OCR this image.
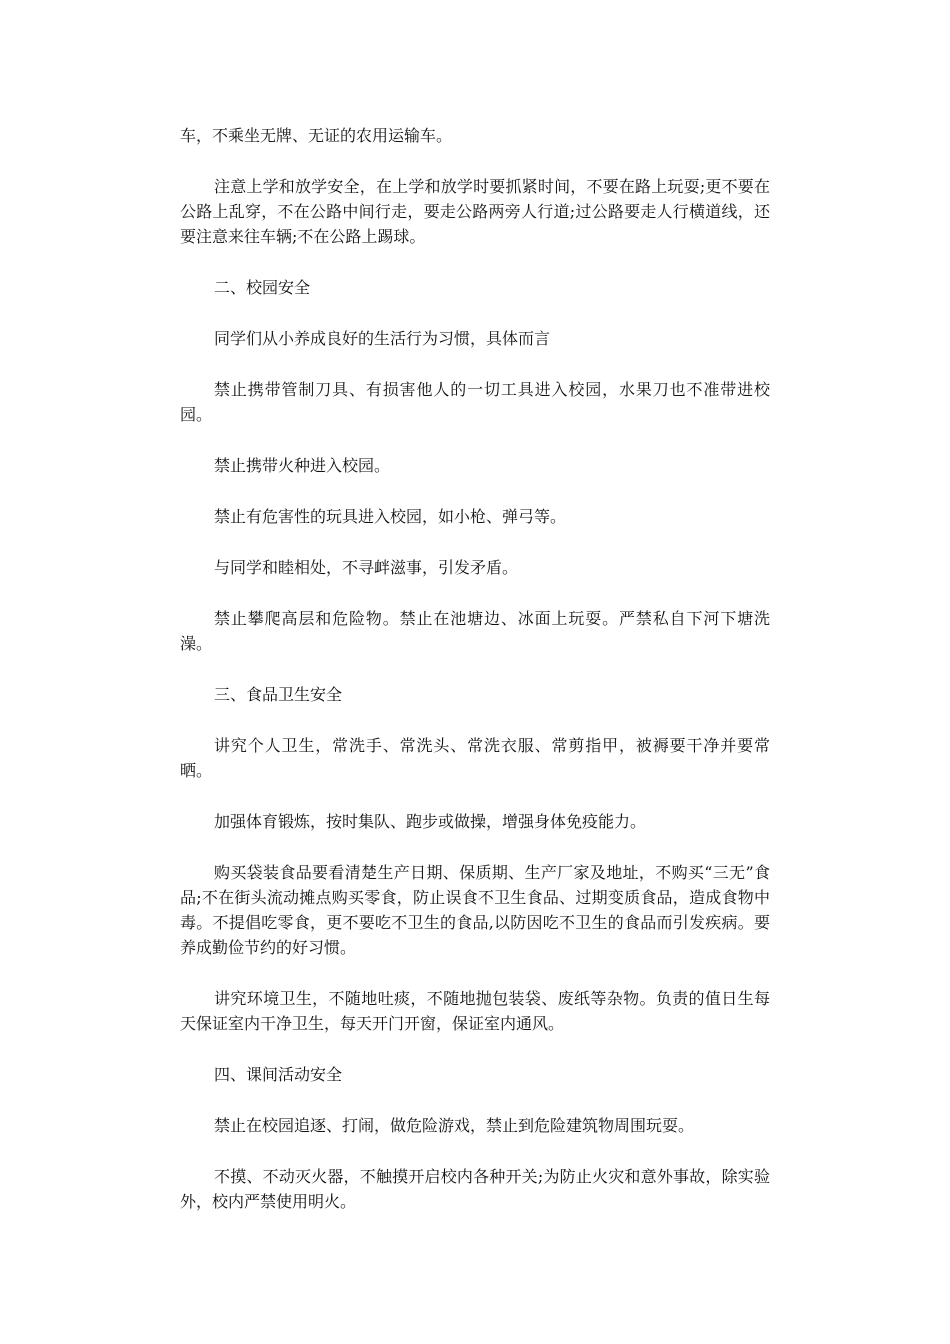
车，不乘坐无牌、无证的农用运输车。

注意上学和放学安全，在上学和放学时要抓紧时间，不要在路上玩耍;更不要在公路上乱穿，不在公路中间行走，要走公路两旁人行道;过公路要走人行横道线，还要注意来往车辆;不在公路上踢球。

二、校园安全

同学们从小养成良好的生活行为习惯，具体而言

禁止携带管制刀具、有损害他人的一切工具进入校园，水果刀也不准带进校园。

禁止携带火种进入校园。

禁止有危害性的玩具进入校园，如小枪、弹弓等。

与同学和睦相处，不寻衅滋事，引发矛盾。

禁止攀爬高层和危险物。禁止在池塘边、冰面上玩耍。严禁私自下河下塘洗澡。

三、食品卫生安全

讲究个人卫生，常洗手、常洗头、常洗衣服、常剪指甲，被褥要干净并要常晒。

加强体育锻炼，按时集队、跑步或做操，增强身体免疫能力。

购买袋装食品要看清楚生产日期、保质期、生产厂家及地址，不购买“三无”食品;不在街头流动摊点购买零食，防止误食不卫生食品、过期变质食品，造成食物中毒。不提倡吃零食，更不要吃不卫生的食品,以防因吃不卫生的食品而引发疾病。要养成勤俭节约的好习惯。

讲究环境卫生，不随地吐痰，不随地抛包装袋、废纸等杂物。负责的值日生每天保证室内干净卫生，每天开门开窗，保证室内通风。

四、课间活动安全

禁止在校园追逐、打闹，做危险游戏，禁止到危险建筑物周围玩耍。

不摸、不动灭火器，不触摸开启校内各种开关;为防止火灾和意外事故，除实验外，校内严禁使用明火。
